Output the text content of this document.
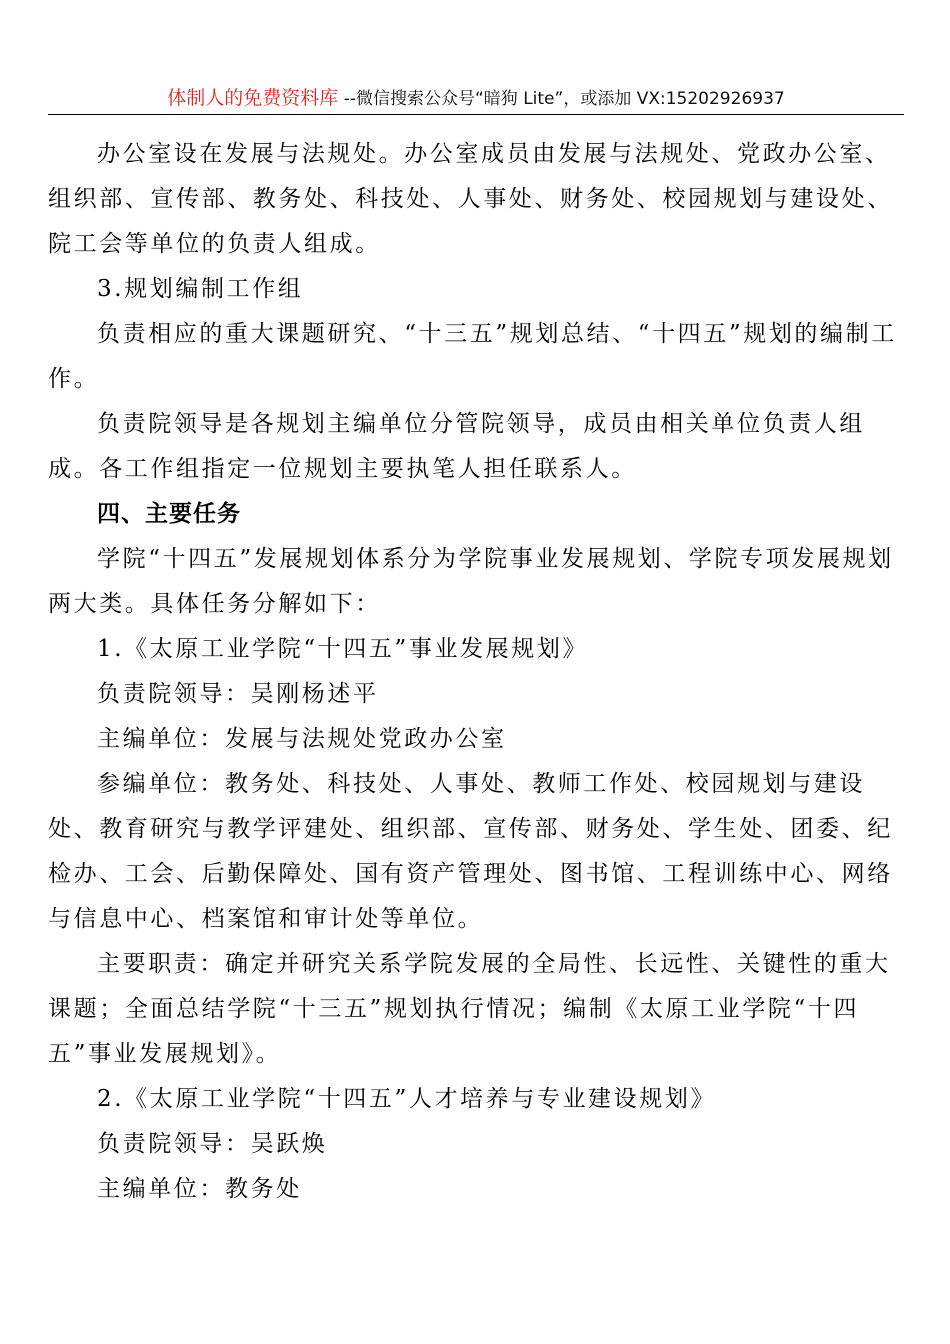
体制人的免费资料库 --微信搜索公众号“暗狗 Lite”，或添加 VX:15202926937

办公室设在发展与法规处。办公室成员由发展与法规处、党政办公室、组织部、宣传部、教务处、科技处、人事处、财务处、校园规划与建设处、院工会等单位的负责人组成。

3.规划编制工作组

负责相应的重大课题研究、“十三五”规划总结、“十四五”规划的编制工作。

负责院领导是各规划主编单位分管院领导，成员由相关单位负责人组成。各工作组指定一位规划主要执笔人担任联系人。

四、主要任务

学院“十四五”发展规划体系分为学院事业发展规划、学院专项发展规划两大类。具体任务分解如下：

1.《太原工业学院“十四五”事业发展规划》

负责院领导：吴刚杨述平

主编单位：发展与法规处党政办公室

参编单位：教务处、科技处、人事处、教师工作处、校园规划与建设处、教育研究与教学评建处、组织部、宣传部、财务处、学生处、团委、纪检办、工会、后勤保障处、国有资产管理处、图书馆、工程训练中心、网络与信息中心、档案馆和审计处等单位。

主要职责：确定并研究关系学院发展的全局性、长远性、关键性的重大课题；全面总结学院“十三五”规划执行情况；编制《太原工业学院“十四五”事业发展规划》。

2.《太原工业学院“十四五”人才培养与专业建设规划》

负责院领导：吴跃焕

主编单位：教务处
